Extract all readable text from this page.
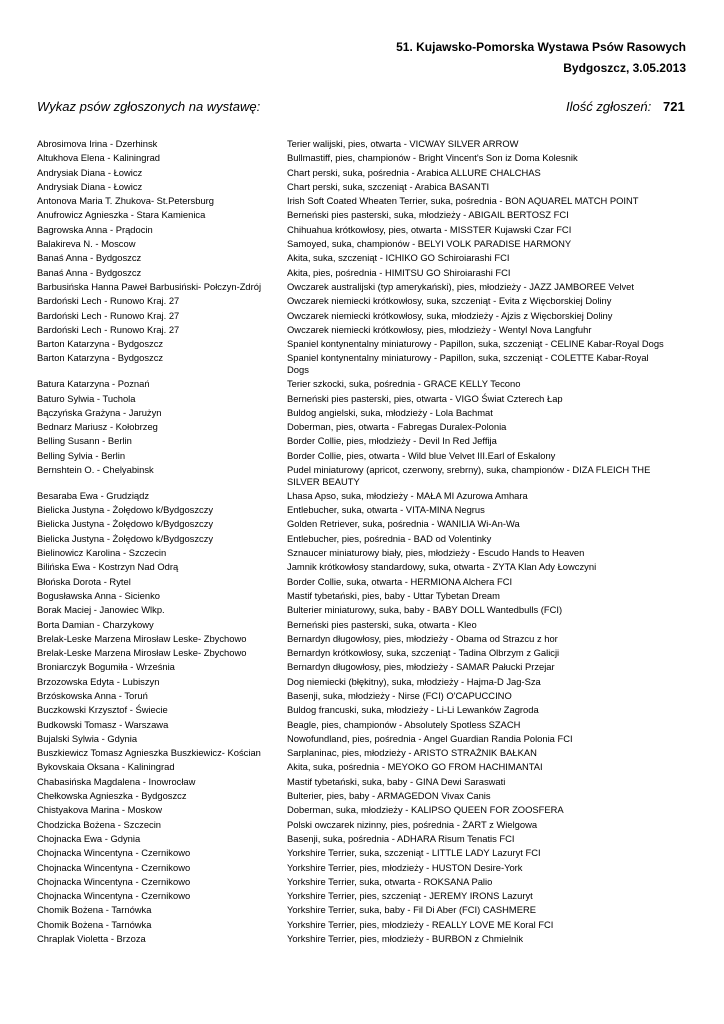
51. Kujawsko-Pomorska Wystawa Psów Rasowych
Bydgoszcz, 3.05.2013
Wykaz psów zgłoszonych na wystawę:	Ilość zgłoszeń: 721
Abrosimova Irina - Dzerhinsk	Terier walijski, pies, otwarta - VICWAY SILVER ARROW
Altukhova Elena - Kaliningrad	Bullmastiff, pies, championów - Bright Vincent's Son iz Doma Kolesnik
Andrysiak Diana - Łowicz	Chart perski, suka, pośrednia - Arabica ALLURE CHALCHAS
Andrysiak Diana - Łowicz	Chart perski, suka, szczeniąt - Arabica BASANTI
Antonova Maria T. Zhukova- St.Petersburg	Irish Soft Coated Wheaten Terrier, suka, pośrednia - BON AQUAREL MATCH POINT
Anufrowicz Agnieszka - Stara Kamienica	Berneński pies pasterski, suka, młodzieży - ABIGAIL BERTOSZ FCI
Bagrowska Anna - Prądocin	Chihuahua krótkowłosy, pies, otwarta - MISSTER Kujawski Czar FCI
Balakireva N. - Moscow	Samoyed, suka, championów - BELYI VOLK PARADISE HARMONY
Banaś Anna - Bydgoszcz	Akita, suka, szczeniąt - ICHIKO GO Schiroiarashi FCI
Banaś Anna - Bydgoszcz	Akita, pies, pośrednia - HIMITSU GO Shiroiarashi FCI
Barbusińska Hanna Paweł Barbusiński- Połczyn-Zdrój	Owczarek australijski (typ amerykański), pies, młodzieży - JAZZ JAMBOREE Velvet
Bardoński Lech - Runowo Kraj. 27	Owczarek niemiecki krótkowłosy, suka, szczeniąt - Evita z Więcborskiej Doliny
Bardoński Lech - Runowo Kraj. 27	Owczarek niemiecki krótkowłosy, suka, młodzieży - Ajzis z Więcborskiej Doliny
Bardoński Lech - Runowo Kraj. 27	Owczarek niemiecki krótkowłosy, pies, młodzieży - Wentyl Nova Langfuhr
Barton Katarzyna - Bydgoszcz	Spaniel kontynentalny miniaturowy - Papillon, suka, szczeniąt - CELINE Kabar-Royal Dogs
Barton Katarzyna - Bydgoszcz	Spaniel kontynentalny miniaturowy - Papillon, suka, szczeniąt - COLETTE Kabar-Royal Dogs
Batura Katarzyna - Poznań	Terier szkocki, suka, pośrednia - GRACE KELLY Tecono
Baturo Sylwia - Tuchola	Berneński pies pasterski, pies, otwarta - VIGO Świat Czterech Łap
Bączyńska Grażyna - Jarużyn	Buldog angielski, suka, młodzieży - Lola Bachmat
Bednarz Mariusz - Kołobrzeg	Doberman, pies, otwarta - Fabregas Duralex-Polonia
Belling Susann - Berlin	Border Collie, pies, młodzieży - Devil In Red Jeffija
Belling Sylvia - Berlin	Border Collie, pies, otwarta - Wild blue Velvet III.Earl of Eskalony
Bernshtein O. - Chelyabinsk	Pudel miniaturowy (apricot, czerwony, srebrny), suka, championów - DIZA FLEICH THE SILVER BEAUTY
Besaraba Ewa - Grudziądz	Lhasa Apso, suka, młodzieży - MAŁA MI Azurowa Amhara
Bielicka Justyna - Żołędowo k/Bydgoszczy	Entlebucher, suka, otwarta - VITA-MINA Negrus
Bielicka Justyna - Żołędowo k/Bydgoszczy	Golden Retriever, suka, pośrednia - WANILIA Wi-An-Wa
Bielicka Justyna - Żołędowo k/Bydgoszczy	Entlebucher, pies, pośrednia - BAD od Volentinky
Bielinowicz Karolina - Szczecin	Sznaucer miniaturowy biały, pies, młodzieży - Escudo Hands to Heaven
Bilińska Ewa - Kostrzyn Nad Odrą	Jamnik krótkowłosy standardowy, suka, otwarta - ZYTA Klan Ady Łowczyni
Błońska Dorota - Rytel	Border Collie, suka, otwarta - HERMIONA Alchera FCI
Bogusławska Anna - Sicienko	Mastif tybetański, pies, baby - Uttar Tybetan Dream
Borak Maciej - Janowiec Wlkp.	Bulterier miniaturowy, suka, baby - BABY DOLL Wantedbulls (FCI)
Borta Damian - Charzykowy	Berneński pies pasterski, suka, otwarta - Kleo
Brelak-Leske Marzena Mirosław Leske- Zbychowo	Bernardyn długowłosy, pies, młodzieży - Obama od Strazcu z hor
Brelak-Leske Marzena Mirosław Leske- Zbychowo	Bernardyn krótkowłosy, suka, szczeniąt - Tadina Olbrzym z Galicji
Broniarczyk Bogumiła - Września	Bernardyn długowłosy, pies, młodzieży - SAMAR Pałucki Przejar
Brzozowska Edyta - Lubiszyn	Dog niemiecki (błękitny), suka, młodzieży - Hajma-D Jag-Sza
Brzóskowska Anna - Toruń	Basenji, suka, młodzieży - Nirse (FCI) O'CAPUCCINO
Buczkowski Krzysztof - Świecie	Buldog francuski, suka, młodzieży - Li-Li Lewanków Zagroda
Budkowski Tomasz - Warszawa	Beagle, pies, championów - Absolutely Spotless SZACH
Bujalski Sylwia - Gdynia	Nowofundland, pies, pośrednia - Angel Guardian Randia Polonia FCI
Buszkiewicz Tomasz Agnieszka Buszkiewicz- Kościan	Sarplaninac, pies, młodzieży - ARISTO STRAŻNIK BAŁKAN
Bykovskaia Oksana - Kaliningrad	Akita, suka, pośrednia - MEYOKO GO FROM HACHIMANTAI
Chabasińska Magdalena - Inowrocław	Mastif tybetański, suka, baby - GINA Dewi Saraswati
Chełkowska Agnieszka - Bydgoszcz	Bulterier, pies, baby - ARMAGEDON Vivax Canis
Chistyakova Marina - Moskow	Doberman, suka, młodzieży - KALIPSO QUEEN FOR ZOOSFERA
Chodzicka Bożena - Szczecin	Polski owczarek nizinny, pies, pośrednia - ŻART z Wielgowa
Chojnacka Ewa - Gdynia	Basenji, suka, pośrednia - ADHARA Risum Tenatis FCI
Chojnacka Wincentyna - Czernikowo	Yorkshire Terrier, suka, szczeniąt - LITTLE LADY Lazuryt FCI
Chojnacka Wincentyna - Czernikowo	Yorkshire Terrier, pies, młodzieży - HUSTON Desire-York
Chojnacka Wincentyna - Czernikowo	Yorkshire Terrier, suka, otwarta - ROKSANA Palio
Chojnacka Wincentyna - Czernikowo	Yorkshire Terrier, pies, szczeniąt - JEREMY IRONS Lazuryt
Chomik Bożena - Tarnówka	Yorkshire Terrier, suka, baby - Fil Di Aber (FCI) CASHMERE
Chomik Bożena - Tarnówka	Yorkshire Terrier, pies, młodzieży - REALLY LOVE ME Koral FCI
Chraplak Violetta - Brzoza	Yorkshire Terrier, pies, młodzieży - BURBON z Chmielnik
